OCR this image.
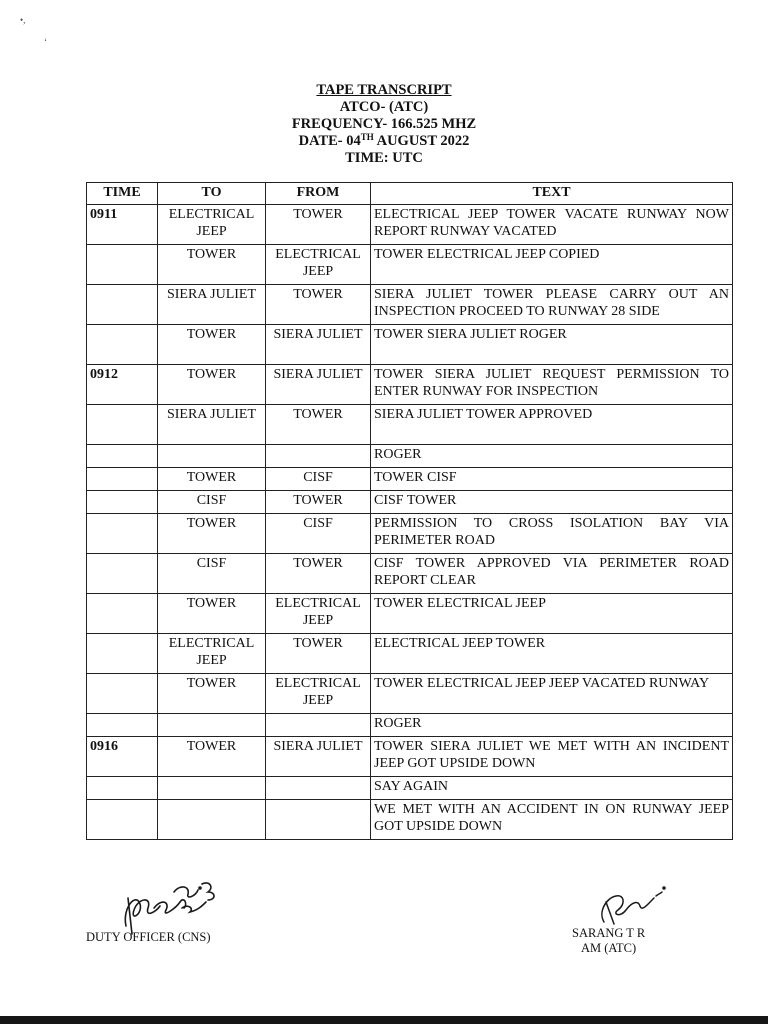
•,
‘
TAPE TRANSCRIPT
ATCO- (ATC)
FREQUENCY- 166.525 MHZ
DATE- 04TH AUGUST 2022
TIME: UTC
TIME	TO	FROM	TEXT
0911	ELECTRICAL JEEP	TOWER	ELECTRICAL JEEP TOWER VACATE RUNWAY NOW REPORT RUNWAY VACATED
	TOWER	ELECTRICAL JEEP	TOWER ELECTRICAL JEEP COPIED
	SIERA JULIET	TOWER	SIERA JULIET TOWER PLEASE CARRY OUT AN INSPECTION PROCEED TO RUNWAY 28 SIDE
	TOWER	SIERA JULIET	TOWER SIERA JULIET ROGER
0912	TOWER	SIERA JULIET	TOWER SIERA JULIET REQUEST PERMISSION TO ENTER RUNWAY FOR INSPECTION
	SIERA JULIET	TOWER	SIERA JULIET TOWER APPROVED
			ROGER
	TOWER	CISF	TOWER CISF
	CISF	TOWER	CISF TOWER
	TOWER	CISF	PERMISSION TO CROSS ISOLATION BAY VIA PERIMETER ROAD
	CISF	TOWER	CISF TOWER APPROVED VIA PERIMETER ROAD REPORT CLEAR
	TOWER	ELECTRICAL JEEP	TOWER ELECTRICAL JEEP
	ELECTRICAL JEEP	TOWER	ELECTRICAL JEEP TOWER
	TOWER	ELECTRICAL JEEP	TOWER ELECTRICAL JEEP JEEP VACATED RUNWAY
			ROGER
0916	TOWER	SIERA JULIET	TOWER SIERA JULIET WE MET WITH AN INCIDENT JEEP GOT UPSIDE DOWN
			SAY AGAIN
			WE MET WITH AN ACCIDENT IN ON RUNWAY JEEP GOT UPSIDE DOWN
DUTY OFFICER (CNS)	SARANG T R
AM (ATC)
